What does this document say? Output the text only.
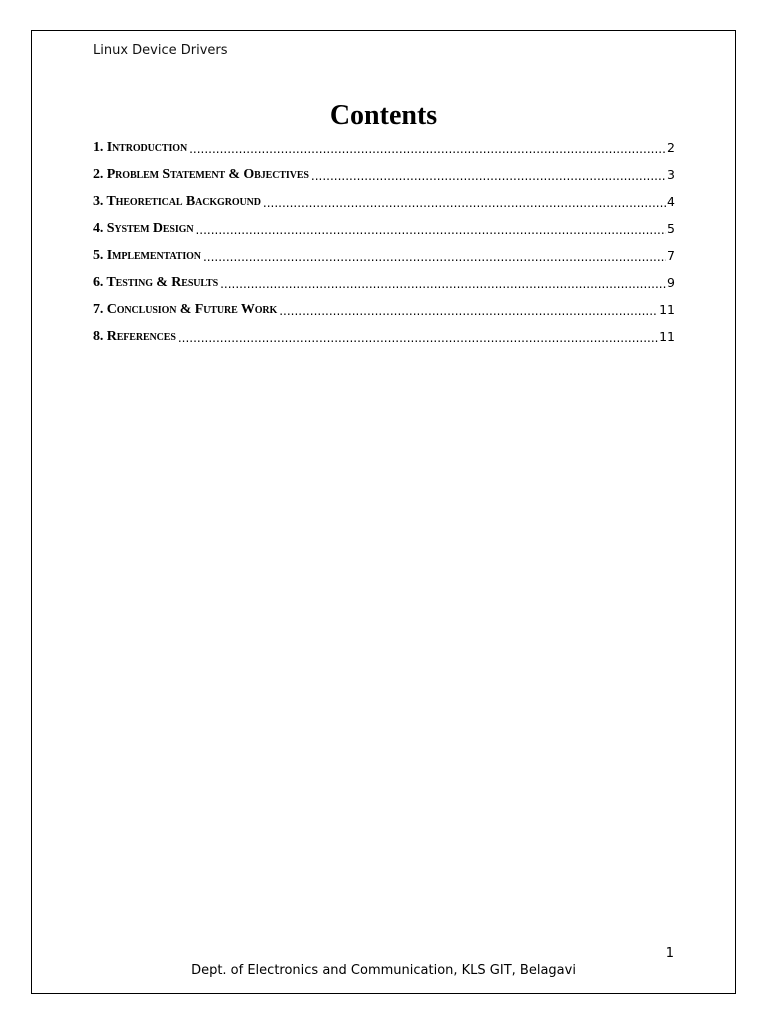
Linux Device Drivers
Contents
1. Introduction .....	2
2. Problem Statement & Objectives .....	3
3. Theoretical Background .....	4
4. System Design .....	5
5. Implementation .....	7
6. Testing & Results .....	9
7. Conclusion & Future Work .....	11
8. References .....	11
1
Dept. of Electronics and Communication, KLS GIT, Belagavi
